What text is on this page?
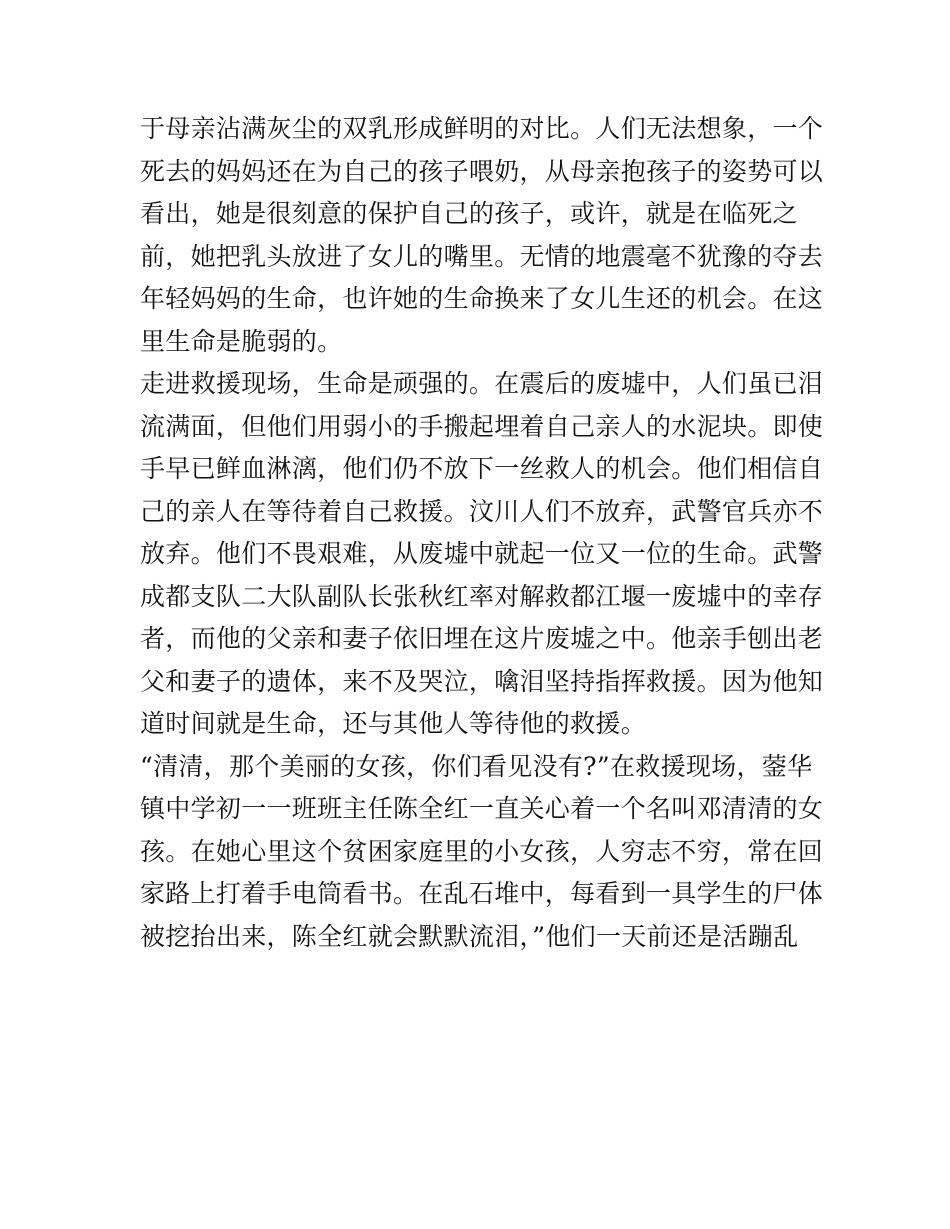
于母亲沾满灰尘的双乳形成鲜明的对比。人们无法想象，一个
死去的妈妈还在为自己的孩子喂奶，从母亲抱孩子的姿势可以
看出，她是很刻意的保护自己的孩子，或许，就是在临死之
前，她把乳头放进了女儿的嘴里。无情的地震毫不犹豫的夺去
年轻妈妈的生命，也许她的生命换来了女儿生还的机会。在这
里生命是脆弱的。
走进救援现场，生命是顽强的。在震后的废墟中，人们虽已泪
流满面，但他们用弱小的手搬起埋着自己亲人的水泥块。即使
手早已鲜血淋漓，他们仍不放下一丝救人的机会。他们相信自
己的亲人在等待着自己救援。汶川人们不放弃，武警官兵亦不
放弃。他们不畏艰难，从废墟中就起一位又一位的生命。武警
成都支队二大队副队长张秋红率对解救都江堰一废墟中的幸存
者，而他的父亲和妻子依旧埋在这片废墟之中。他亲手刨出老
父和妻子的遗体，来不及哭泣，噙泪坚持指挥救援。因为他知
道时间就是生命，还与其他人等待他的救援。
“清清，那个美丽的女孩，你们看见没有?”在救援现场，蓥华
镇中学初一一班班主任陈全红一直关心着一个名叫邓清清的女
孩。在她心里这个贫困家庭里的小女孩，人穷志不穷，常在回
家路上打着手电筒看书。在乱石堆中，每看到一具学生的尸体
被挖抬出来，陈全红就会默默流泪，”他们一天前还是活蹦乱
